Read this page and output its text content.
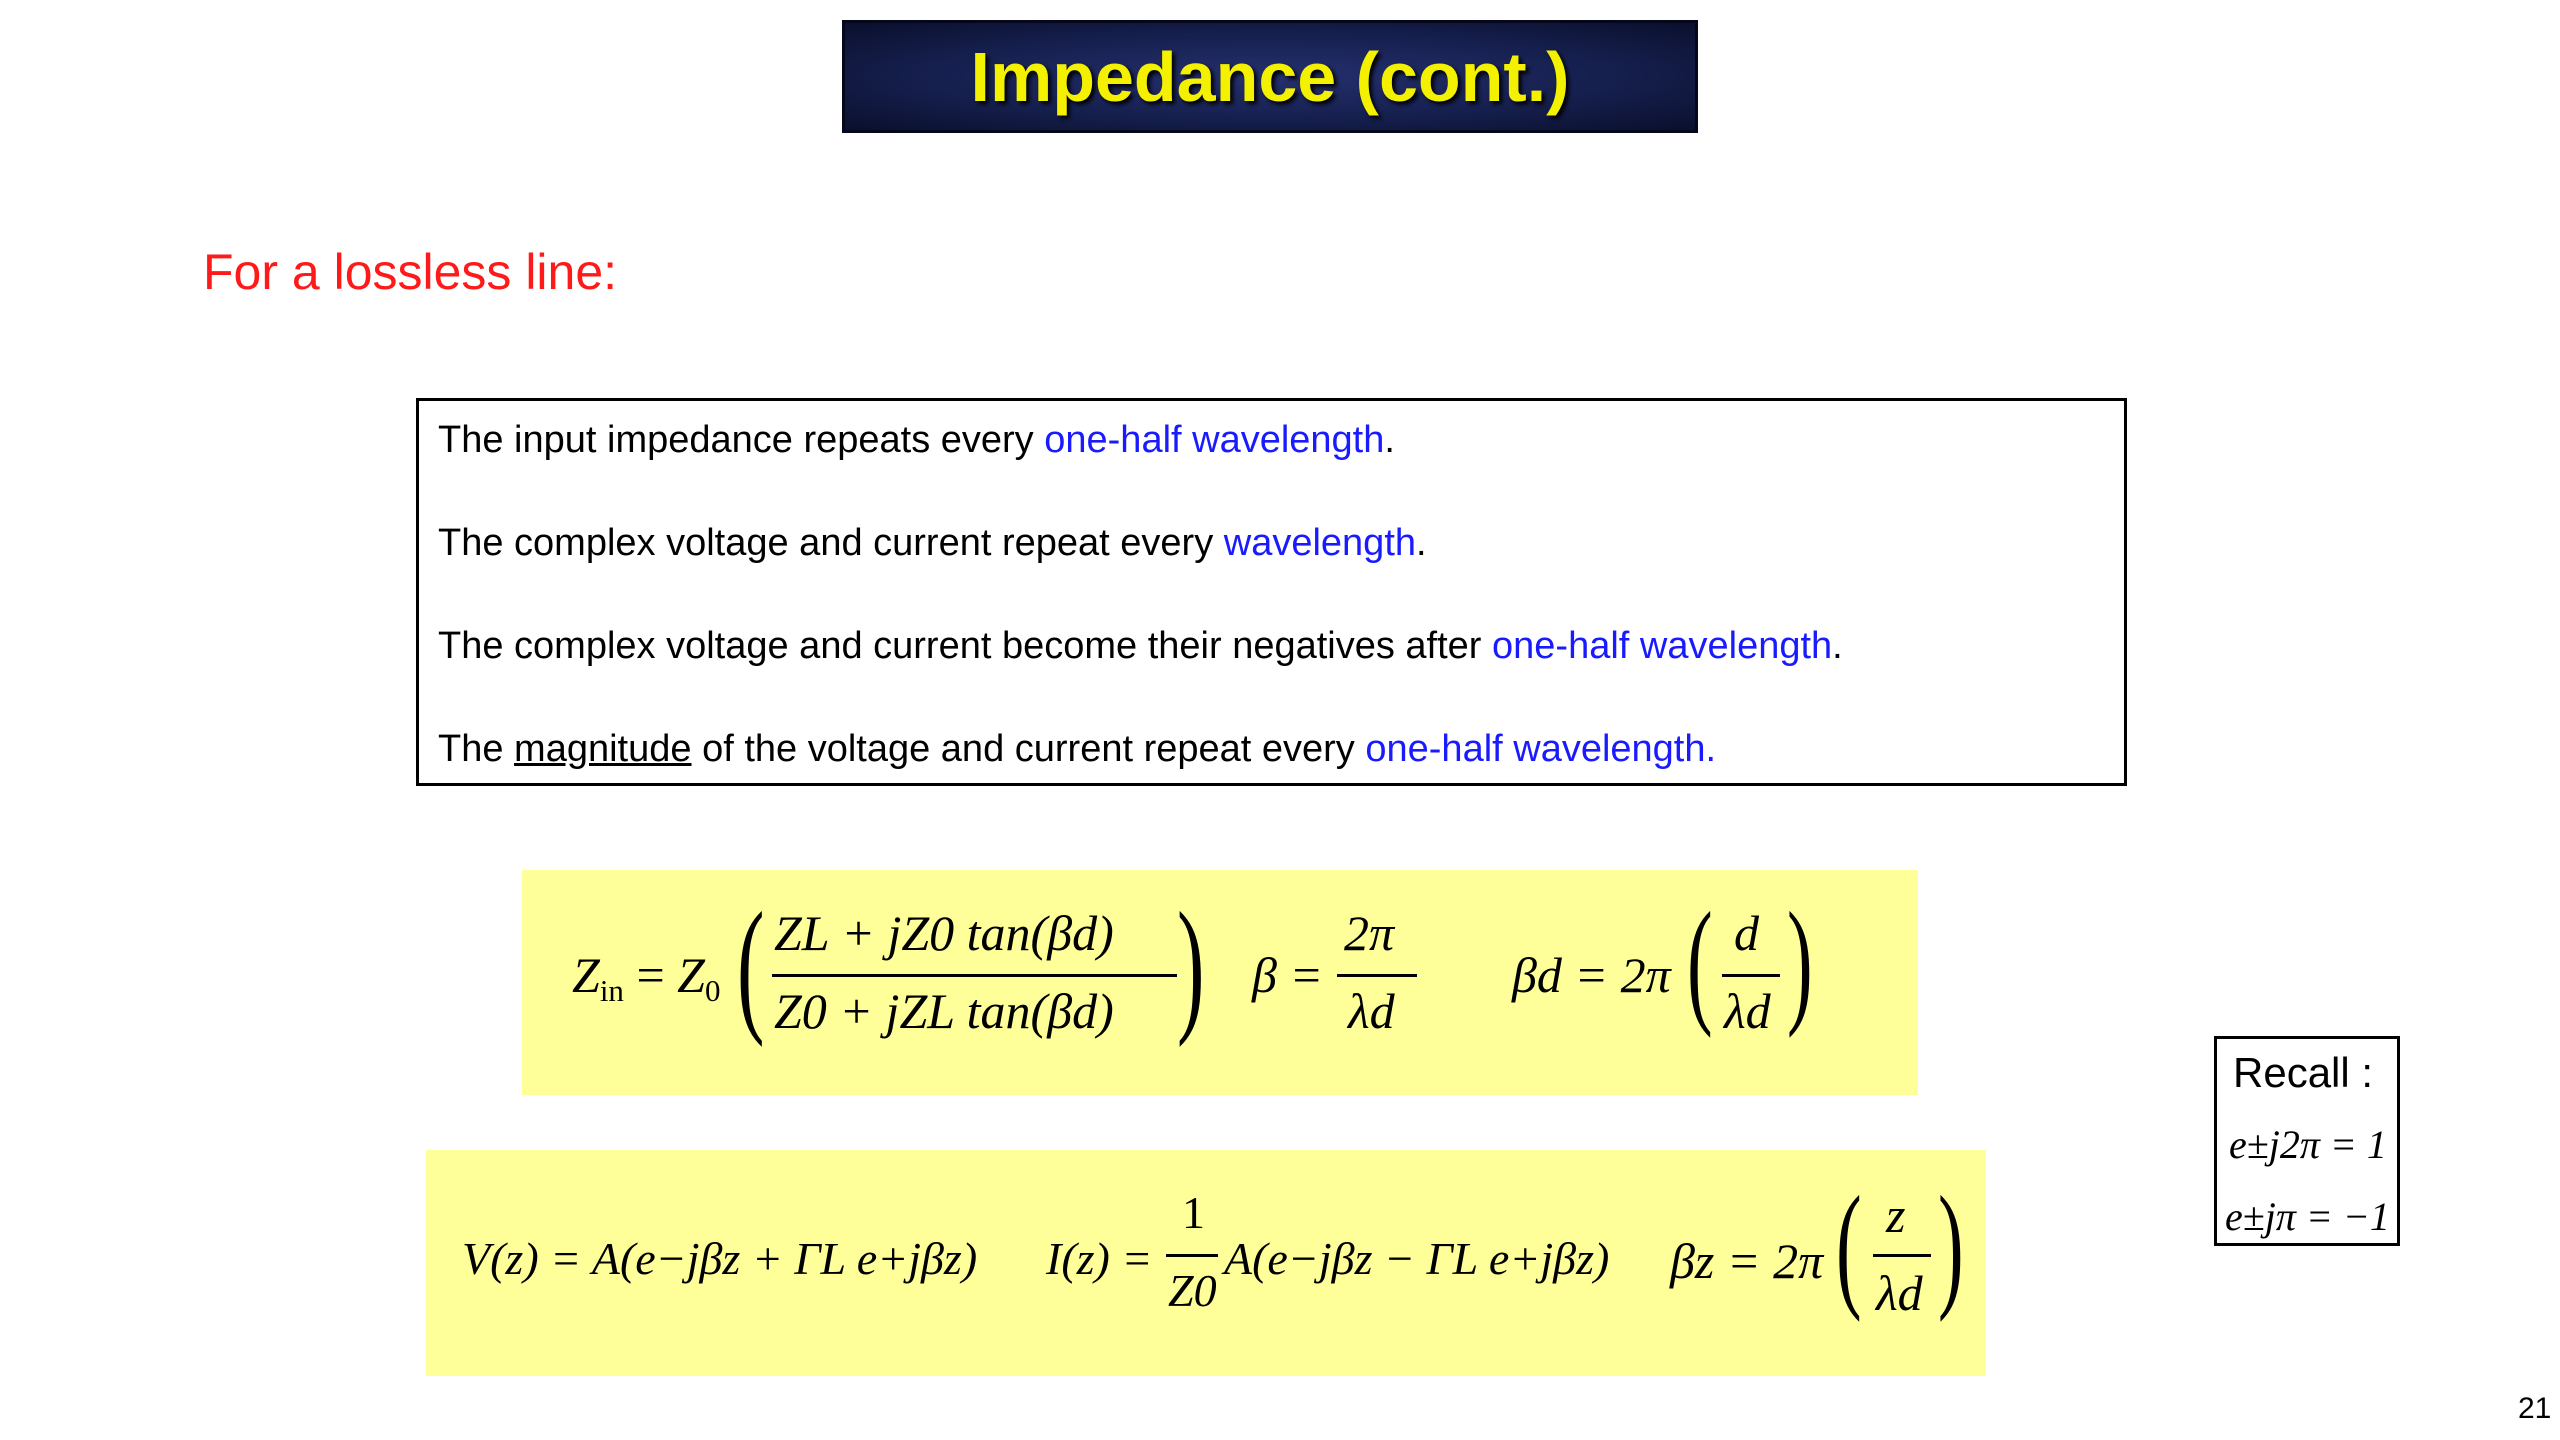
Impedance (cont.)
For a lossless line:
The input impedance repeats every one-half wavelength.
The complex voltage and current repeat every wavelength.
The complex voltage and current become their negatives after one-half wavelength.
The magnitude of the voltage and current repeat every one-half wavelength.
Zin = Z0 ( ZL + jZ0 tan(βd)
Z0 + jZL tan(βd) ) β =
2π
λd
βd = 2π ( d
λd )
V(z) = A(e−jβz + ΓL e+jβz) I(z) =
1
Z0
A(e−jβz − ΓL e+jβz) βz = 2π ( z
λd )
Recall :
e±j2π = 1
e±jπ = −1
21
